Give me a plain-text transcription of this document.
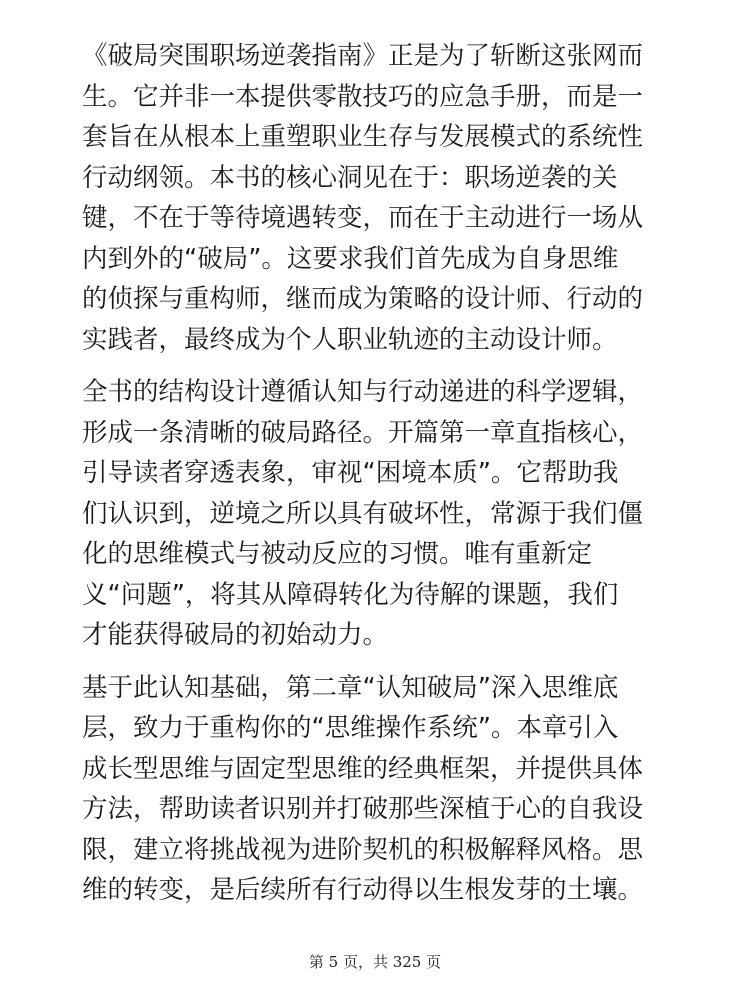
《破局突围职场逆袭指南》正是为了斩断这张网而
生。它并非一本提供零散技巧的应急手册，而是一
套旨在从根本上重塑职业生存与发展模式的系统性
行动纲领。本书的核心洞见在于：职场逆袭的关
键，不在于等待境遇转变，而在于主动进行一场从
内到外的“破局”。这要求我们首先成为自身思维
的侦探与重构师，继而成为策略的设计师、行动的
实践者，最终成为个人职业轨迹的主动设计师。

全书的结构设计遵循认知与行动递进的科学逻辑，
形成一条清晰的破局路径。开篇第一章直指核心，
引导读者穿透表象，审视“困境本质”。它帮助我
们认识到，逆境之所以具有破坏性，常源于我们僵
化的思维模式与被动反应的习惯。唯有重新定
义“问题”，将其从障碍转化为待解的课题，我们
才能获得破局的初始动力。

基于此认知基础，第二章“认知破局”深入思维底
层，致力于重构你的“思维操作系统”。本章引入
成长型思维与固定型思维的经典框架，并提供具体
方法，帮助读者识别并打破那些深植于心的自我设
限，建立将挑战视为进阶契机的积极解释风格。思
维的转变，是后续所有行动得以生根发芽的土壤。

第 5 页，共 325 页
